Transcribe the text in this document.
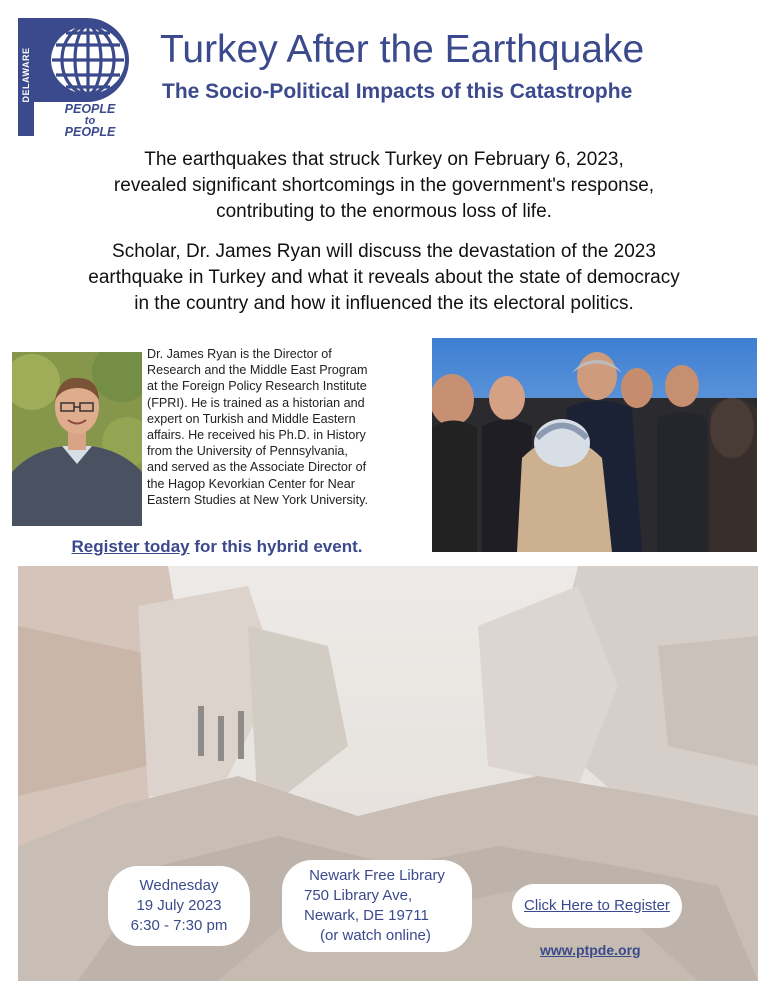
DELAWARE
PEOPLE
to
PEOPLE
Turkey After the Earthquake
The Socio-Political Impacts of this Catastrophe
The earthquakes that struck Turkey on February 6, 2023,
revealed significant shortcomings in the government's response,
contributing to the enormous loss of life.
Scholar, Dr. James Ryan will discuss the devastation of the 2023
earthquake in Turkey and what it reveals about the state of democracy
in the country and how it influenced the its electoral politics.
Dr. James Ryan is the Director of
Research and the Middle East Program
at the Foreign Policy Research Institute
(FPRI). He is trained as a historian and
expert on Turkish and Middle Eastern
affairs. He received his Ph.D. in History
from the University of Pennsylvania,
and served as the Associate Director of
the Hagop Kevorkian Center for Near
Eastern Studies at New York University.
Register today for this hybrid event.
Wednesday
19 July 2023
6:30 - 7:30 pm
Newark Free Library
750 Library Ave,
Newark, DE 19711
(or watch online)
Click Here to Register
www.ptpde.org
